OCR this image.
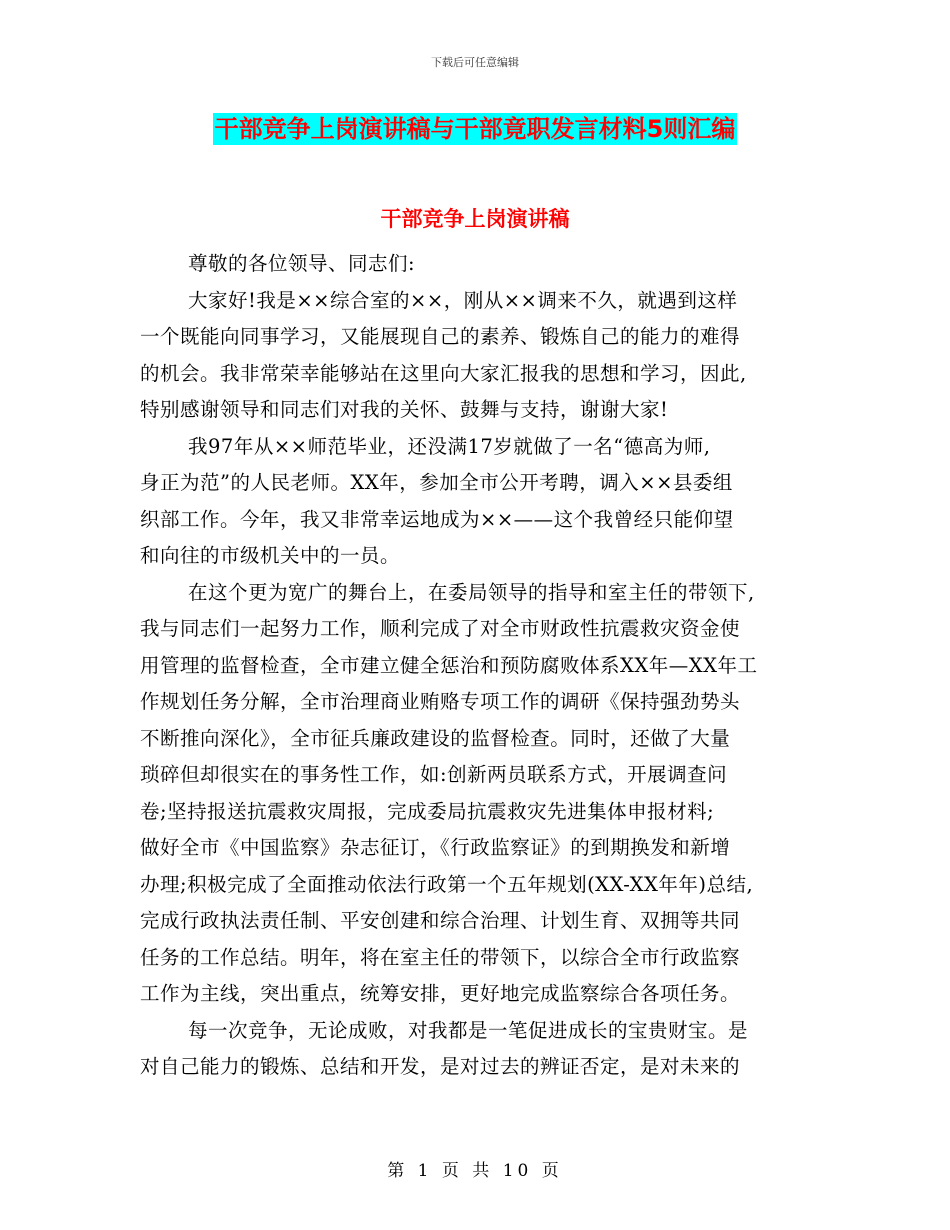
下载后可任意编辑
干部竞争上岗演讲稿与干部竟职发言材料5则汇编
干部竞争上岗演讲稿
尊敬的各位领导、同志们:
大家好!我是××综合室的××，刚从××调来不久，就遇到这样
一个既能向同事学习，又能展现自己的素养、锻炼自己的能力的难得
的机会。我非常荣幸能够站在这里向大家汇报我的思想和学习，因此,
特别感谢领导和同志们对我的关怀、鼓舞与支持，谢谢大家!
我97年从××师范毕业，还没满17岁就做了一名“德高为师,
身正为范”的人民老师。XX年，参加全市公开考聘，调入××县委组
织部工作。今年，我又非常幸运地成为××——这个我曾经只能仰望
和向往的市级机关中的一员。
在这个更为宽广的舞台上，在委局领导的指导和室主任的带领下,
我与同志们一起努力工作，顺利完成了对全市财政性抗震救灾资金使
用管理的监督检查，全市建立健全惩治和预防腐败体系XX年—XX年工
作规划任务分解，全市治理商业贿赂专项工作的调研《保持强劲势头
不断推向深化》，全市征兵廉政建设的监督检查。同时，还做了大量
琐碎但却很实在的事务性工作，如:创新两员联系方式，开展调查问
卷;坚持报送抗震救灾周报，完成委局抗震救灾先进集体申报材料;
做好全市《中国监察》杂志征订，《行政监察证》的到期换发和新增
办理;积极完成了全面推动依法行政第一个五年规划(XX-XX年年)总结,
完成行政执法责任制、平安创建和综合治理、计划生育、双拥等共同
任务的工作总结。明年，将在室主任的带领下，以综合全市行政监察
工作为主线，突出重点，统筹安排，更好地完成监察综合各项任务。
每一次竞争，无论成败，对我都是一笔促进成长的宝贵财宝。是
对自己能力的锻炼、总结和开发，是对过去的辨证否定，是对未来的
第 1 页 共 10 页
